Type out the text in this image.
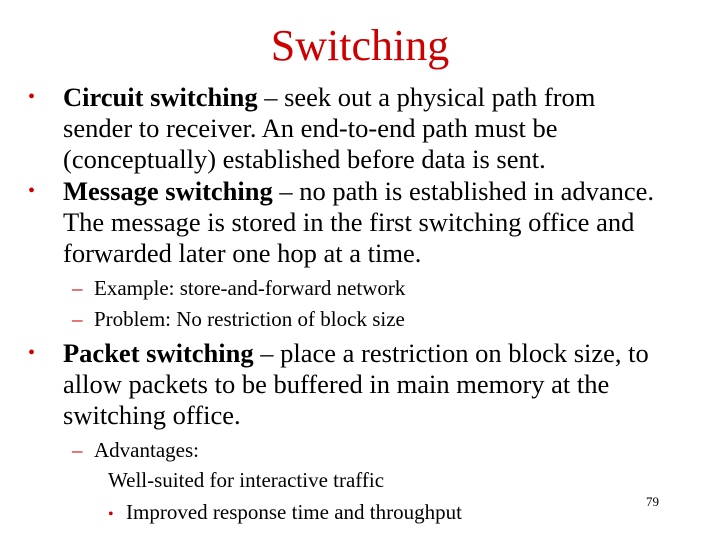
Switching
•	Circuit switching – seek out a physical path from sender to receiver. An end-to-end path must be (conceptually) established before data is sent.
•	Message switching – no path is established in advance. The message is stored in the first switching office and forwarded later one hop at a time.
– Example: store-and-forward network
– Problem: No restriction of block size
•	Packet switching – place a restriction on block size, to allow packets to be buffered in main memory at the switching office.
– Advantages:
Well-suited for interactive traffic
• Improved response time and throughput	79
